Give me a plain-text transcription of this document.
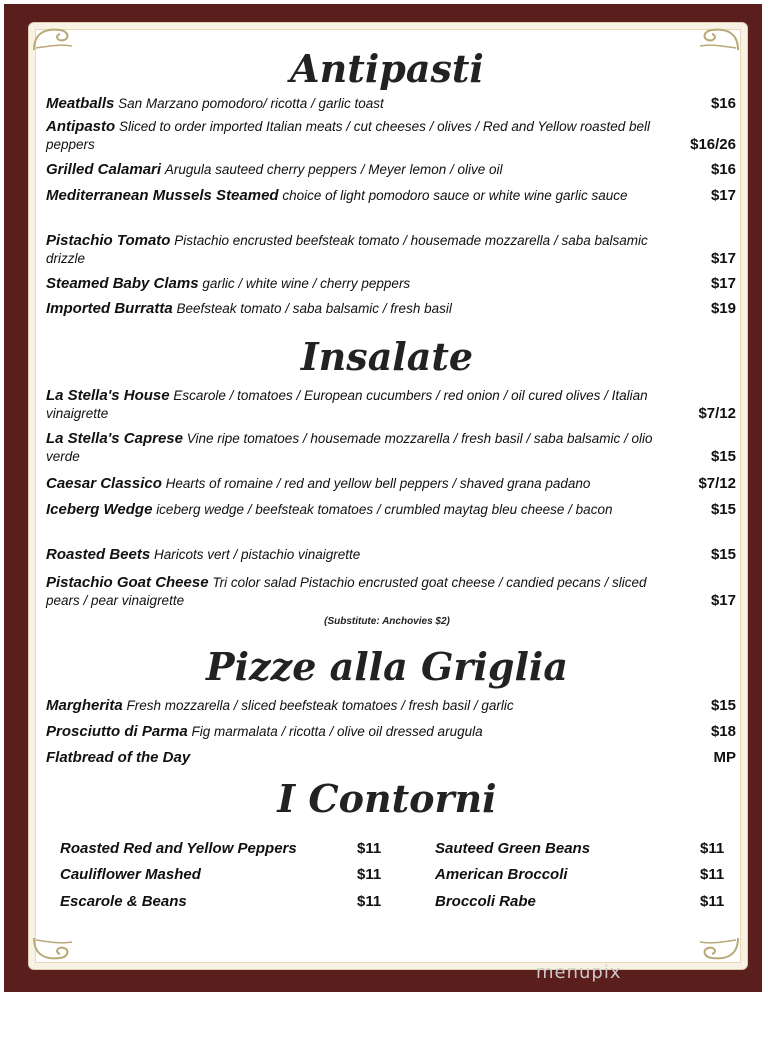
Antipasti
Meatballs San Marzano pomodoro/ ricotta / garlic toast	$16
Antipasto Sliced to order imported Italian meats / cut cheeses / olives / Red and Yellow roasted bell peppers	$16/26
Grilled Calamari Arugula sauteed cherry peppers / Meyer lemon / olive oil	$16
Mediterranean Mussels Steamed choice of light pomodoro sauce or white wine garlic sauce	$17
Pistachio Tomato Pistachio encrusted beefsteak tomato / housemade mozzarella / saba balsamic drizzle	$17
Steamed Baby Clams garlic / white wine / cherry peppers	$17
Imported Burratta Beefsteak tomato / saba balsamic / fresh basil	$19
Insalate
La Stella's House Escarole / tomatoes / European cucumbers / red onion / oil cured olives / Italian vinaigrette	$7/12
La Stella's Caprese Vine ripe tomatoes / housemade mozzarella / fresh basil / saba balsamic / olio verde	$15
Caesar Classico Hearts of romaine / red and yellow bell peppers / shaved grana padano	$7/12
Iceberg Wedge iceberg wedge / beefsteak tomatoes / crumbled maytag bleu cheese / bacon	$15
Roasted Beets Haricots vert / pistachio vinaigrette	$15
Pistachio Goat Cheese Tri color salad Pistachio encrusted goat cheese / candied pecans / sliced pears / pear vinaigrette	$17
(Substitute: Anchovies $2)
Pizze alla Griglia
Margherita Fresh mozzarella / sliced beefsteak tomatoes / fresh basil / garlic	$15
Prosciutto di Parma Fig marmalata / ricotta / olive oil dressed arugula	$18
Flatbread of the Day	MP
I Contorni
Roasted Red and Yellow Peppers	$11
Cauliflower Mashed	$11
Escarole & Beans	$11
Sauteed Green Beans	$11
American Broccoli	$11
Broccoli Rabe	$11
menupix
